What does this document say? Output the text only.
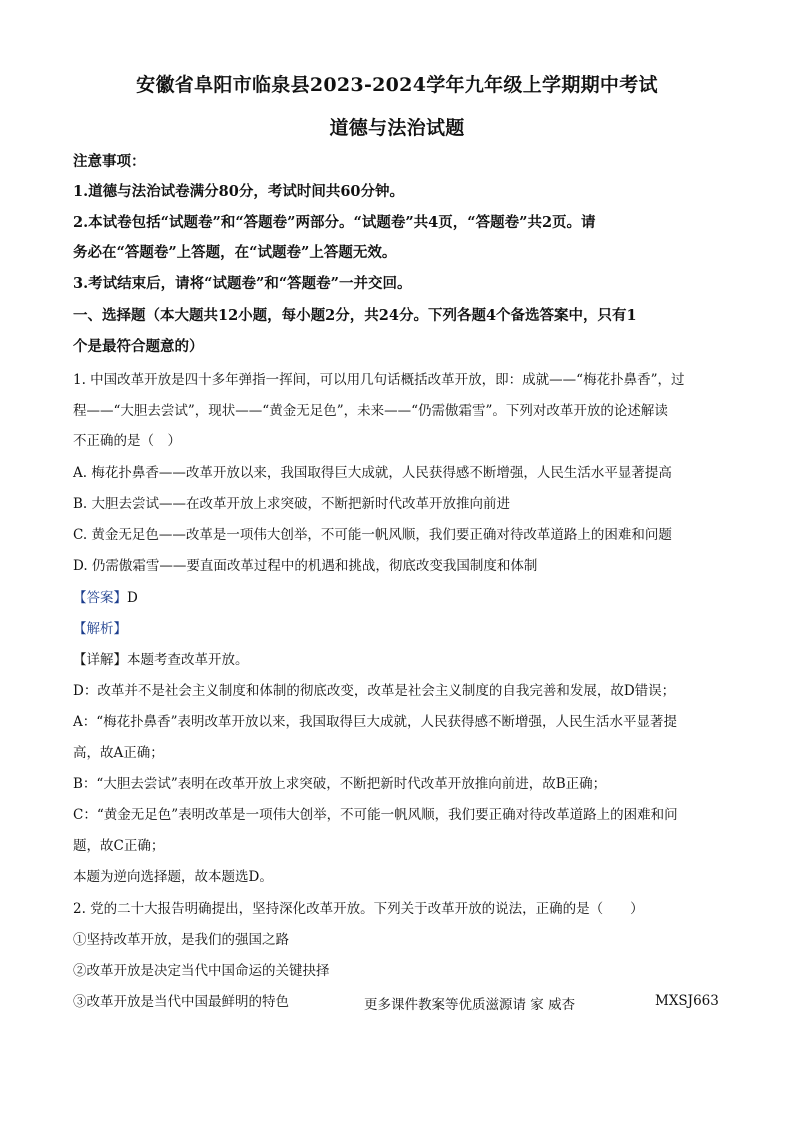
安徽省阜阳市临泉县2023-2024学年九年级上学期期中考试
道德与法治试题
注意事项：
1.道德与法治试卷满分80分，考试时间共60分钟。
2.本试卷包括“试题卷”和“答题卷”两部分。“试题卷”共4页，“答题卷”共2页。请
务必在“答题卷”上答题，在“试题卷”上答题无效。
3.考试结束后，请将“试题卷”和“答题卷”一并交回。
一、选择题（本大题共12小题，每小题2分，共24分。下列各题4个备选答案中，只有1
个是最符合题意的）
1. 中国改革开放是四十多年弹指一挥间，可以用几句话概括改革开放，即：成就——“梅花扑鼻香”，过
程——“大胆去尝试”，现状——“黄金无足色”，未来——“仍需傲霜雪”。下列对改革开放的论述解读
不正确的是（　）
A. 梅花扑鼻香——改革开放以来，我国取得巨大成就，人民获得感不断增强，人民生活水平显著提高
B. 大胆去尝试——在改革开放上求突破，不断把新时代改革开放推向前进
C. 黄金无足色——改革是一项伟大创举，不可能一帆风顺，我们要正确对待改革道路上的困难和问题
D. 仍需傲霜雪——要直面改革过程中的机遇和挑战，彻底改变我国制度和体制
【答案】D
【解析】
【详解】本题考查改革开放。
D：改革并不是社会主义制度和体制的彻底改变，改革是社会主义制度的自我完善和发展，故D错误；
A：“梅花扑鼻香”表明改革开放以来，我国取得巨大成就，人民获得感不断增强，人民生活水平显著提
高，故A正确；
B：“大胆去尝试”表明在改革开放上求突破，不断把新时代改革开放推向前进，故B正确；
C：“黄金无足色”表明改革是一项伟大创举，不可能一帆风顺，我们要正确对待改革道路上的困难和问
题，故C正确；
本题为逆向选择题，故本题选D。
2. 党的二十大报告明确提出，坚持深化改革开放。下列关于改革开放的说法，正确的是（　　）
①坚持改革开放，是我们的强国之路
②改革开放是决定当代中国命运的关键抉择
③改革开放是当代中国最鲜明的特色	更多课件教案等优质滋源请 家 威杏	MXSJ663
